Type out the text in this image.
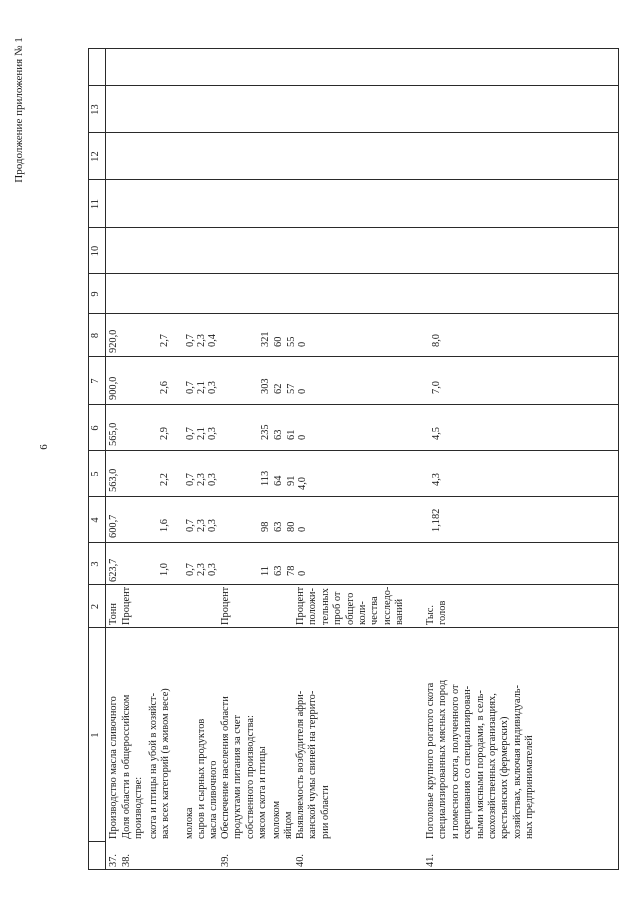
6
Продолжение приложения № 1
1
2
3
4
5
6
7
8
9
10
11
12
13
37.
Производство масла сливочного
Тонн
623,7
600,7
563,0
565,0
900,0
920,0
38.
Доля области в общероссийском
производстве:
Процент
скота и птицы на убой в хозяйст-
вах всех категорий (в живом весе)
1,0
1,6
2,2
2,9
2,6
2,7
молока
0,7
0,7
0,7
0,7
0,7
0,7
сыров и сырных продуктов
2,3
2,3
2,3
2,1
2,1
2,3
масла сливочного
0,3
0,3
0,3
0,3
0,3
0,4
39.
Обеспечение населения области
продуктами питания за счет
собственного производства:
Процент
мясом скота и птицы
11
98
113
235
303
321
молоком
63
63
64
63
62
60
яйцом
78
80
91
61
57
55
40.
Выявляемость возбудителя афри-
канской чумы свиней на террито-
рии области
Процент
положи-
тельных
проб от
общего
коли-
чества
исследо-
ваний
0
0
4,0
0
0
0
41.
Поголовье крупного рогатого скота
специализированных мясных пород
и помесного скота, полученного от
скрещивания со специализирован-
ными мясными породами, в сель-
скохозяйственных организациях,
крестьянских (фермерских)
хозяйствах, включая индивидуаль-
ных предпринимателей
Тыс.
голов
1,182
4,3
4,5
7,0
8,0
